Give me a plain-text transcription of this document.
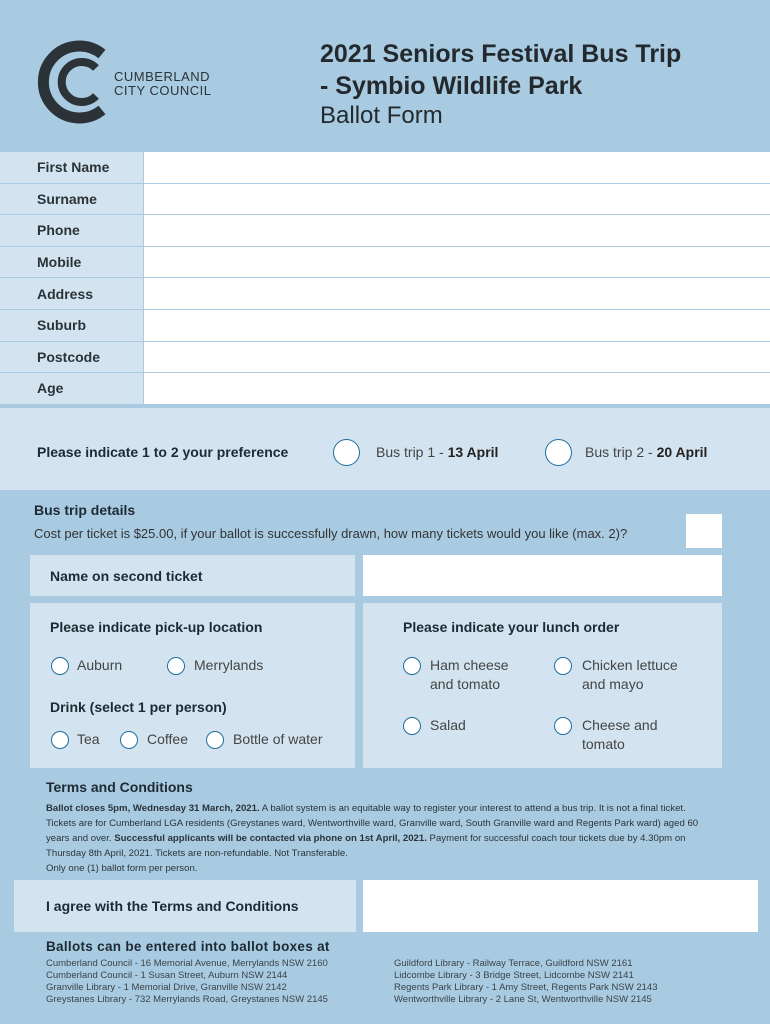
CUMBERLAND
CITY COUNCIL
2021 Seniors Festival Bus Trip
- Symbio Wildlife Park
Ballot Form
First Name
Surname
Phone
Mobile
Address
Suburb
Postcode
Age
Please indicate 1 to 2 your preference	Bus trip 1 - 13 April	Bus trip 2 - 20 April
Bus trip details
Cost per ticket is $25.00, if your ballot is successfully drawn, how many tickets would you like (max. 2)?
Name on second ticket
Please indicate pick-up location
Auburn	Merrylands
Drink (select 1 per person)
Tea	Coffee	Bottle of water
Please indicate your lunch order
Ham cheese
and tomato
Chicken lettuce
and mayo
Salad	Cheese and
tomato
Terms and Conditions
Ballot closes 5pm, Wednesday 31 March, 2021. A ballot system is an equitable way to register your interest to attend a bus trip. It is not a final ticket. Tickets are for Cumberland LGA residents (Greystanes ward, Wentworthville ward, Granville ward, South Granville ward and Regents Park ward) aged 60 years and over. Successful applicants will be contacted via phone on 1st April, 2021. Payment for successful coach tour tickets due by 4.30pm on Thursday 8th April, 2021. Tickets are non-refundable. Not Transferable.
Only one (1) ballot form per person.
I agree with the Terms and Conditions
Ballots can be entered into ballot boxes at
Cumberland Council - 16 Memorial Avenue, Merrylands NSW 2160
Cumberland Council - 1 Susan Street, Auburn NSW 2144
Granville Library - 1 Memorial Drive, Granville NSW 2142
Greystanes Library - 732 Merrylands Road, Greystanes NSW 2145
Guildford Library - Railway Terrace, Guildford NSW 2161
Lidcombe Library - 3 Bridge Street, Lidcombe NSW 2141
Regents Park Library - 1 Amy Street, Regents Park NSW 2143
Wentworthville Library - 2 Lane St, Wentworthville NSW 2145
